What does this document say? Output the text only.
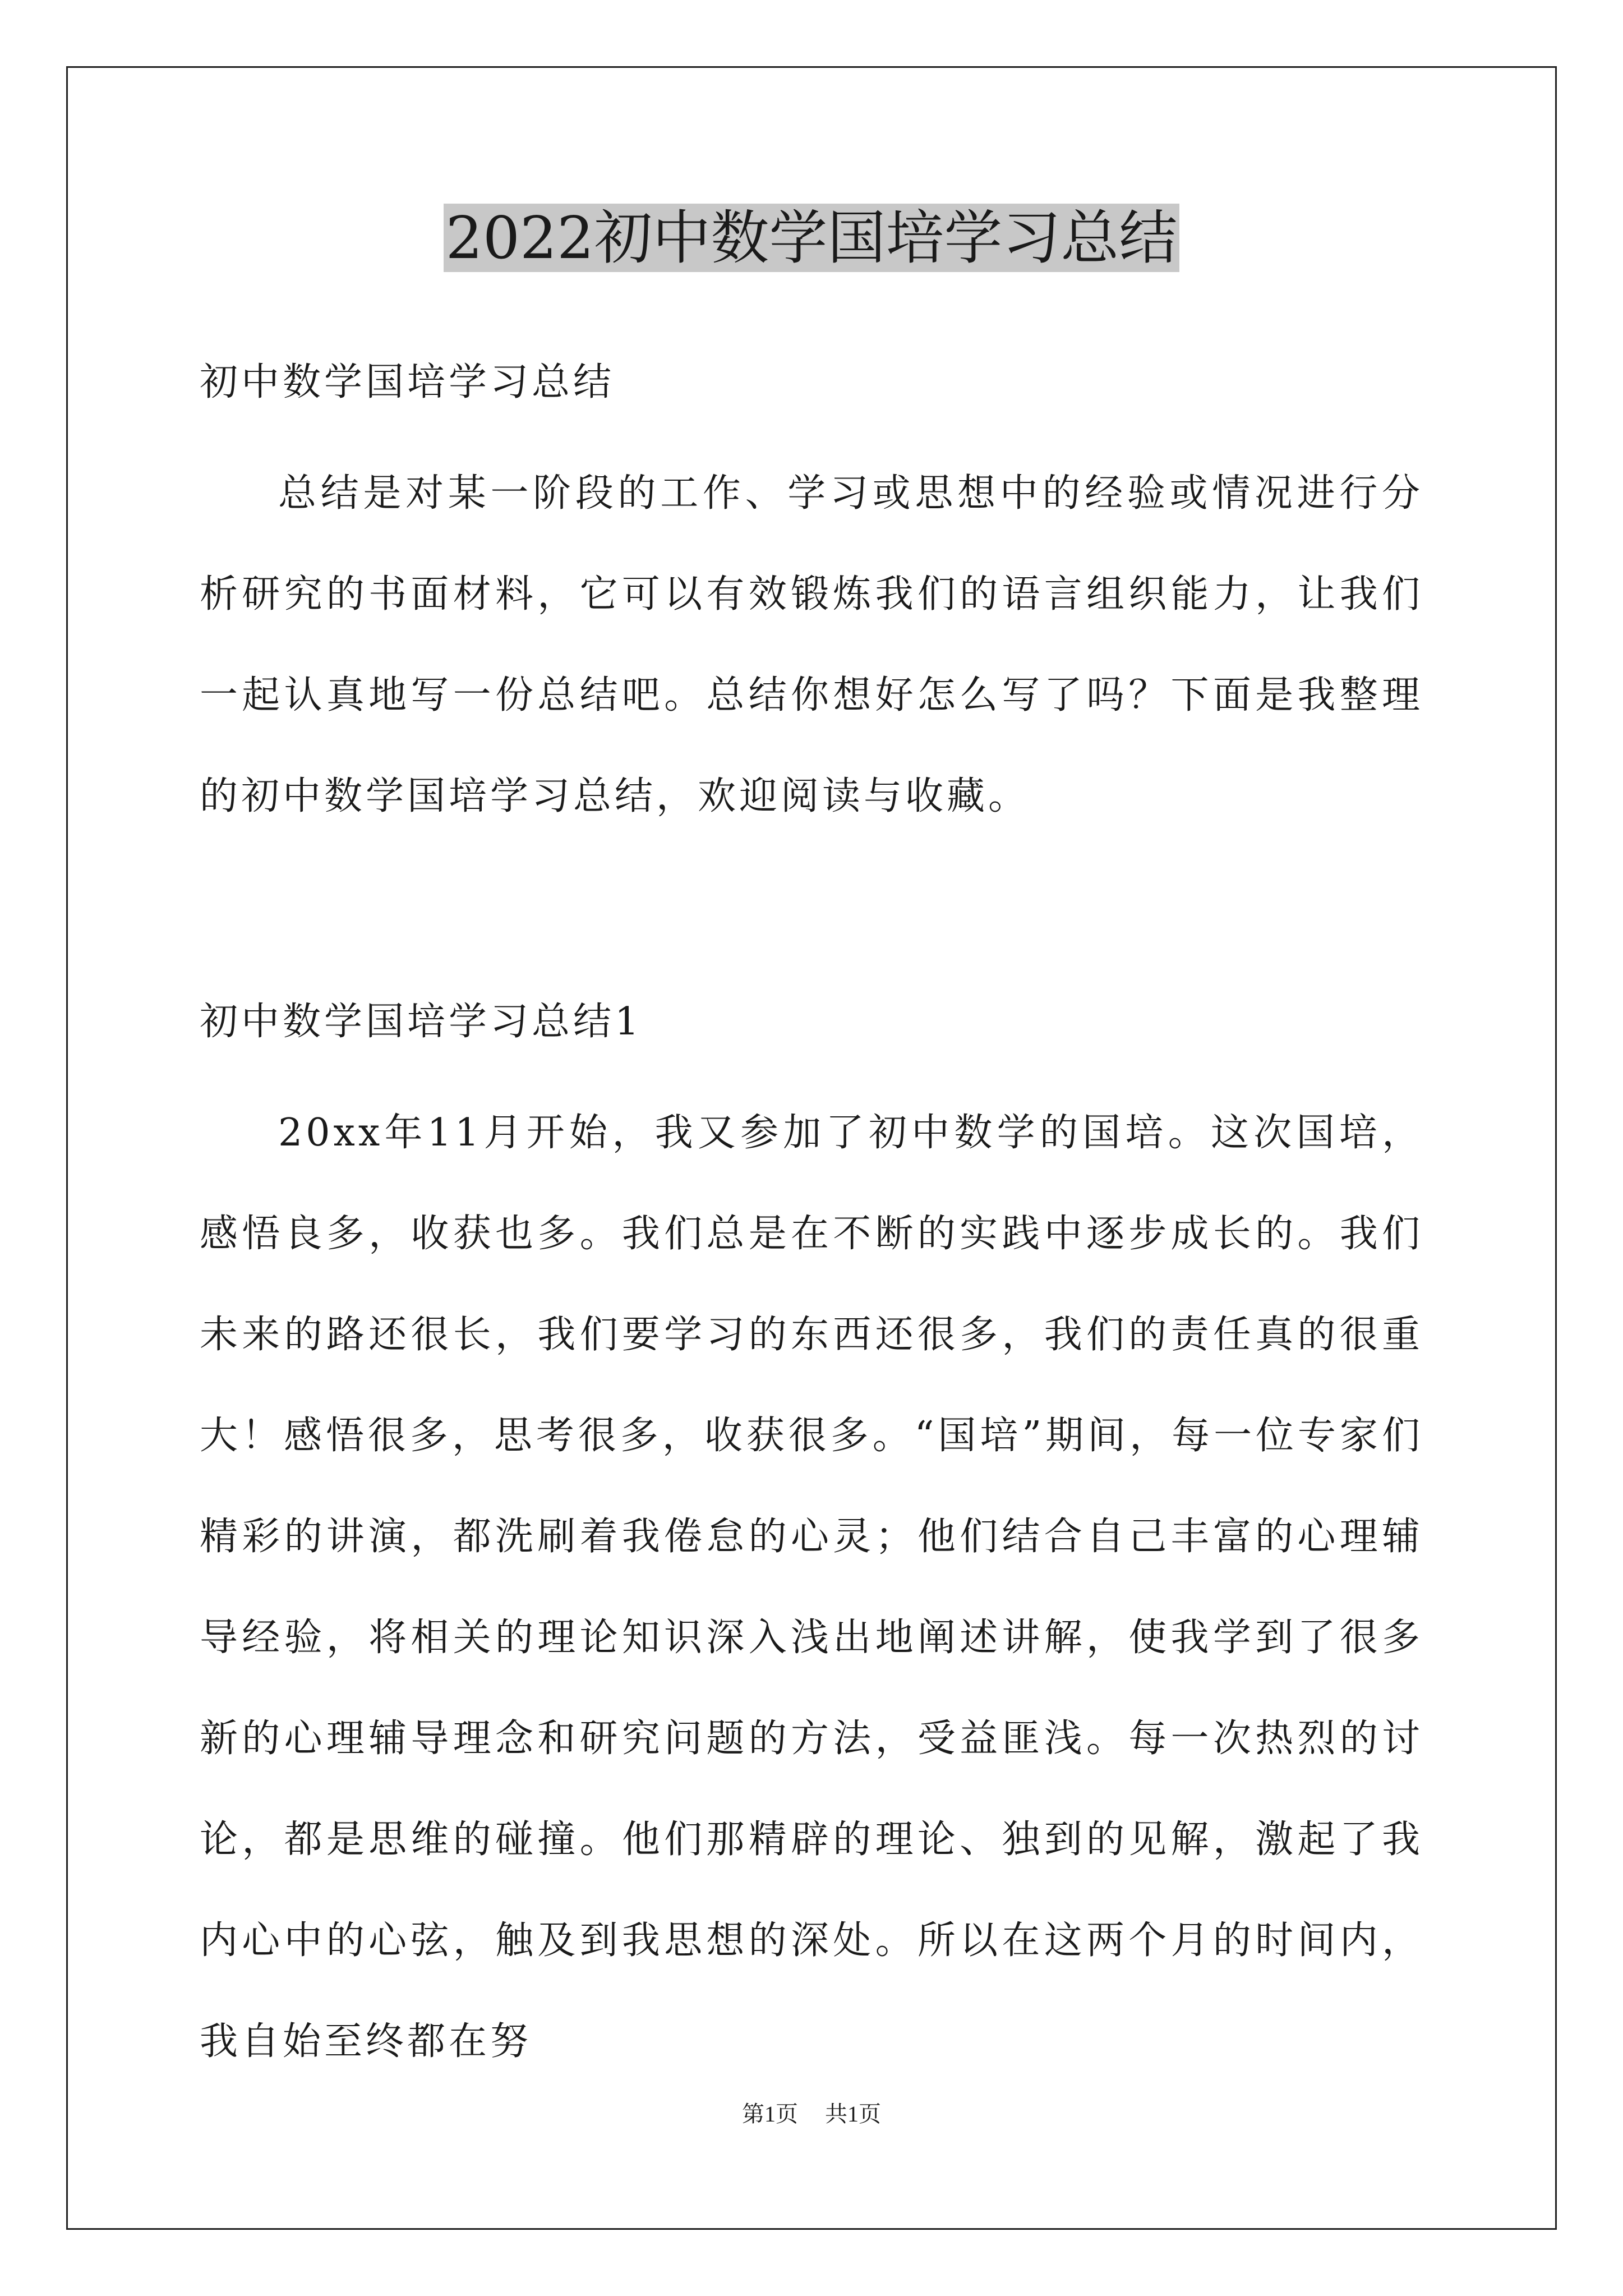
2022初中数学国培学习总结
初中数学国培学习总结

总结是对某一阶段的工作、学习或思想中的经验或情况进行分析研究的书面材料，它可以有效锻炼我们的语言组织能力，让我们一起认真地写一份总结吧。总结你想好怎么写了吗？下面是我整理的初中数学国培学习总结，欢迎阅读与收藏。

初中数学国培学习总结1

20xx年11月开始，我又参加了初中数学的国培。这次国培，感悟良多，收获也多。我们总是在不断的实践中逐步成长的。我们未来的路还很长，我们要学习的东西还很多，我们的责任真的很重大！感悟很多，思考很多，收获很多。“国培”期间，每一位专家们精彩的讲演，都洗刷着我倦怠的心灵；他们结合自己丰富的心理辅导经验，将相关的理论知识深入浅出地阐述讲解，使我学到了很多新的心理辅导理念和研究问题的方法，受益匪浅。每一次热烈的讨论，都是思维的碰撞。他们那精辟的理论、独到的见解，激起了我内心中的心弦，触及到我思想的深处。所以在这两个月的时间内，我自始至终都在努

第1页 共1页
